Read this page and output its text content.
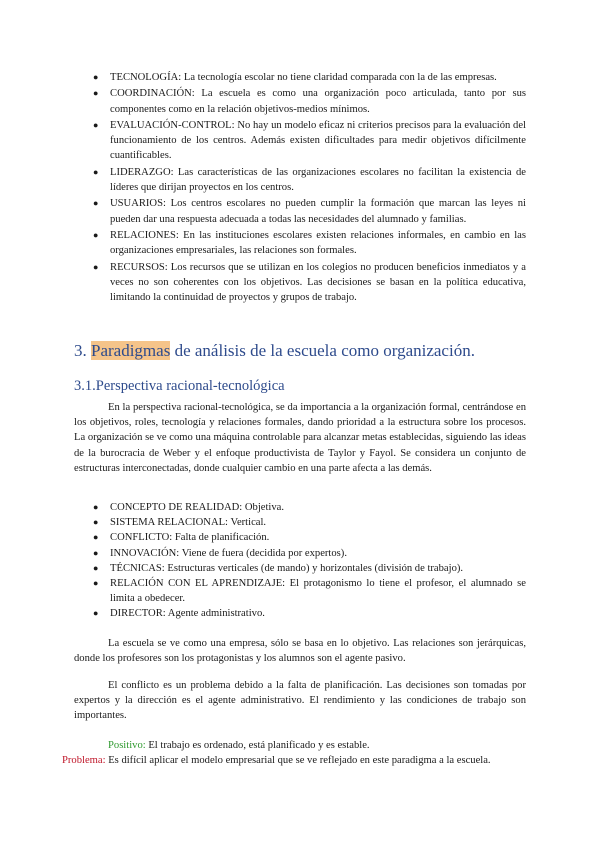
● TECNOLOGÍA: La tecnología escolar no tiene claridad comparada con la de las empresas.
● COORDINACIÓN: La escuela es como una organización poco articulada, tanto por sus componentes como en la relación objetivos-medios mínimos.
● EVALUACIÓN-CONTROL: No hay un modelo eficaz ni criterios precisos para la evaluación del funcionamiento de los centros. Además existen dificultades para medir objetivos difícilmente cuantificables.
● LIDERAZGO: Las características de las organizaciones escolares no facilitan la existencia de líderes que dirijan proyectos en los centros.
● USUARIOS: Los centros escolares no pueden cumplir la formación que marcan las leyes ni pueden dar una respuesta adecuada a todas las necesidades del alumnado y familias.
● RELACIONES: En las instituciones escolares existen relaciones informales, en cambio en las organizaciones empresariales, las relaciones son formales.
● RECURSOS: Los recursos que se utilizan en los colegios no producen beneficios inmediatos y a veces no son coherentes con los objetivos. Las decisiones se basan en la política educativa, limitando la continuidad de proyectos y grupos de trabajo.
3. Paradigmas de análisis de la escuela como organización.
3.1.Perspectiva racional-tecnológica

En la perspectiva racional-tecnológica, se da importancia a la organización formal, centrándose en los objetivos, roles, tecnología y relaciones formales, dando prioridad a la estructura sobre los procesos. La organización se ve como una máquina controlable para alcanzar metas establecidas, siguiendo las ideas de la burocracia de Weber y el enfoque productivista de Taylor y Fayol. Se considera un conjunto de estructuras interconectadas, donde cualquier cambio en una parte afecta a las demás.

● CONCEPTO DE REALIDAD: Objetiva.
● SISTEMA RELACIONAL: Vertical.
● CONFLICTO: Falta de planificación.
● INNOVACIÓN: Viene de fuera (decidida por expertos).
● TÉCNICAS: Estructuras verticales (de mando) y horizontales (división de trabajo).
● RELACIÓN CON EL APRENDIZAJE: El protagonismo lo tiene el profesor, el alumnado se limita a obedecer.
● DIRECTOR: Agente administrativo.

La escuela se ve como una empresa, sólo se basa en lo objetivo. Las relaciones son jerárquicas, donde los profesores son los protagonistas y los alumnos son el agente pasivo.

El conflicto es un problema debido a la falta de planificación. Las decisiones son tomadas por expertos y la dirección es el agente administrativo. El rendimiento y las condiciones de trabajo son importantes.

Positivo: El trabajo es ordenado, está planificado y es estable.
Problema: Es difícil aplicar el modelo empresarial que se ve reflejado en este paradigma a la escuela.
